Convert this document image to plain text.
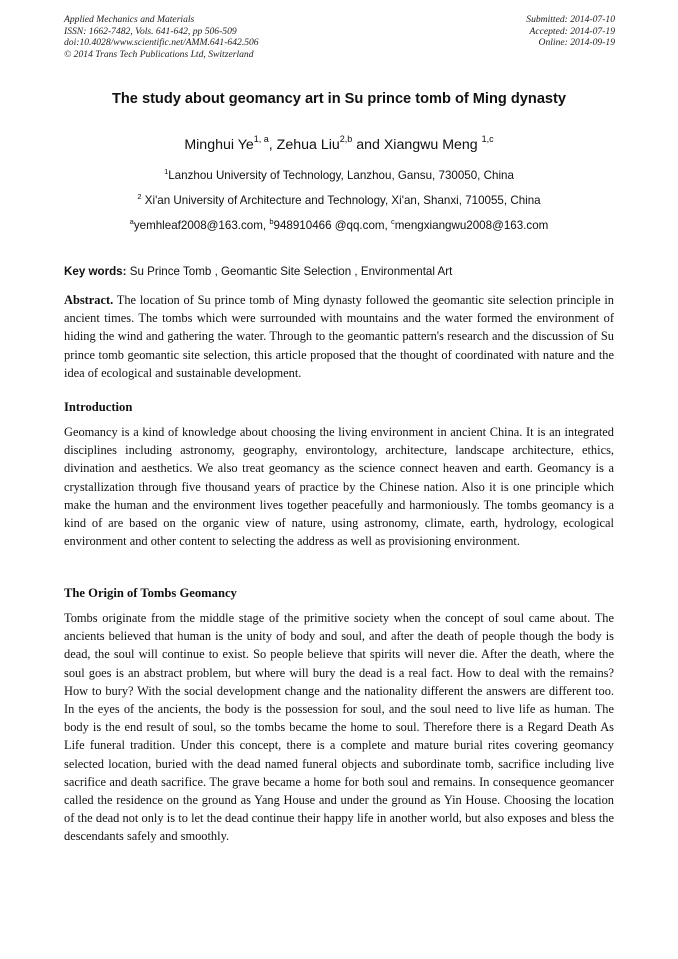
Applied Mechanics and Materials
ISSN: 1662-7482, Vols. 641-642, pp 506-509
doi:10.4028/www.scientific.net/AMM.641-642.506
© 2014 Trans Tech Publications Ltd, Switzerland
Submitted: 2014-07-10
Accepted: 2014-07-19
Online: 2014-09-19
The study about geomancy art in Su prince tomb of Ming dynasty
Minghui Ye$^{1, a}$, Zehua Liu$^{2,b}$ and Xiangwu Meng $^{1,c}$
$^1$Lanzhou University of Technology, Lanzhou, Gansu, 730050, China
$^2$ Xi'an University of Architecture and Technology, Xi'an, Shanxi, 710055, China
$^a$yemhleaf2008@163.com, $^b$948910466 @qq.com, $^c$mengxiangwu2008@163.com
Key words: Su Prince Tomb , Geomantic Site Selection , Environmental Art

Abstract. The location of Su prince tomb of Ming dynasty followed the geomantic site selection principle in ancient times. The tombs which were surrounded with mountains and the water formed the environment of hiding the wind and gathering the water. Through to the geomantic pattern's research and the discussion of Su prince tomb geomantic site selection, this article proposed that the thought of coordinated with nature and the idea of ecological and sustainable development.

Introduction

Geomancy is a kind of knowledge about choosing the living environment in ancient China. It is an integrated disciplines including astronomy, geography, environtology, architecture, landscape architecture, ethics, divination and aesthetics. We also treat geomancy as the science connect heaven and earth. Geomancy is a crystallization through five thousand years of practice by the Chinese nation. Also it is one principle which make the human and the environment lives together peacefully and harmoniously. The tombs geomancy is a kind of are based on the organic view of nature, using astronomy, climate, earth, hydrology, ecological environment and other content to selecting the address as well as provisioning environment.

The Origin of Tombs Geomancy

Tombs originate from the middle stage of the primitive society when the concept of soul came about. The ancients believed that human is the unity of body and soul, and after the death of people though the body is dead, the soul will continue to exist. So people believe that spirits will never die. After the death, where the soul goes is an abstract problem, but where will bury the dead is a real fact. How to deal with the remains? How to bury? With the social development change and the nationality different the answers are different too. In the eyes of the ancients, the body is the possession for soul, and the soul need to live life as human. The body is the end result of soul, so the tombs became the home to soul. Therefore there is a Regard Death As Life funeral tradition. Under this concept, there is a complete and mature burial rites covering geomancy selected location, buried with the dead named funeral objects and subordinate tomb, sacrifice including live sacrifice and death sacrifice. The grave became a home for both soul and remains. In consequence geomancer called the residence on the ground as Yang House and under the ground as Yin House. Choosing the location of the dead not only is to let the dead continue their happy life in another world, but also exposes and bless the descendants safely and smoothly.
